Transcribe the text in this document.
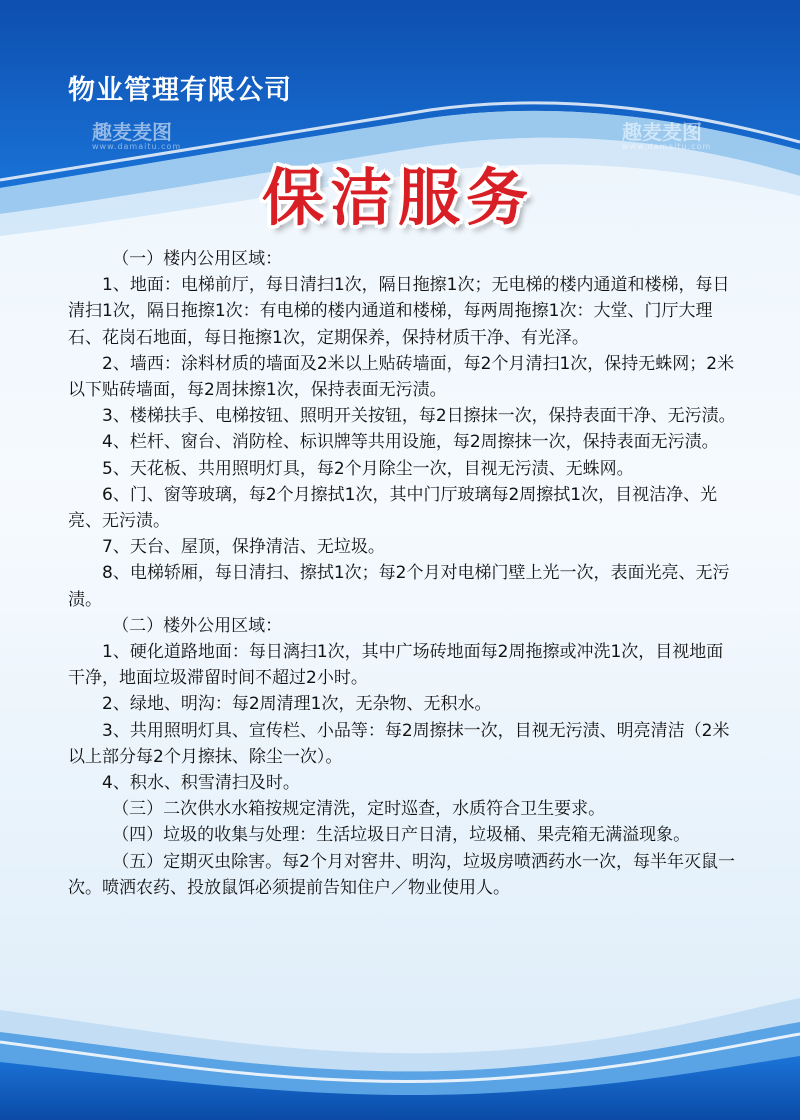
物业管理有限公司
趣麦麦图
www.damaitu.com
趣麦麦图
www.damaitu.com
保洁服务

（一）楼内公用区域：

1、地面：电梯前厅，每日清扫1次，隔日拖擦1次；无电梯的楼内通道和楼梯，每日清扫1次，隔日拖擦1次：有电梯的楼内通道和楼梯，每两周拖擦1次：大堂、门厅大理石、花岗石地面，每日拖擦1次，定期保养，保持材质干净、有光泽。

2、墙西：涂料材质的墙面及2米以上贴砖墙面，每2个月清扫1次，保持无蛛网；2米以下贴砖墙面，每2周抹擦1次，保持表面无污渍。

3、楼梯扶手、电梯按钮、照明开关按钮，每2日擦抹一次，保持表面干净、无污渍。

4、栏杆、窗台、消防栓、标识牌等共用设施，每2周擦抹一次，保持表面无污渍。

5、天花板、共用照明灯具，每2个月除尘一次，目视无污渍、无蛛网。

6、门、窗等玻璃，每2个月擦拭1次，其中门厅玻璃每2周擦拭1次，目视洁净、光亮、无污渍。

7、天台、屋顶，保挣清洁、无垃圾。

8、电梯轿厢，每日清扫、擦拭1次；每2个月对电梯门壁上光一次，表面光亮、无污渍。

（二）楼外公用区域：

1、硬化道路地面：每日漓扫1次，其中广场砖地面每2周拖擦或冲洗1次，目视地面干净，地面垃圾滞留时间不超过2小时。

2、绿地、明沟：每2周清理1次，无杂物、无积水。

3、共用照明灯具、宣传栏、小品等：每2周擦抹一次，目视无污渍、明亮清洁（2米以上部分每2个月擦抹、除尘一次）。

4、积水、积雪清扫及时。

（三）二次供水水箱按规定清洗，定时巡查，水质符合卫生要求。

（四）垃圾的收集与处理：生活垃圾日产日清，垃圾桶、果壳箱无满溢现象。

（五）定期灭虫除害。每2个月对窖井、明沟，垃圾房喷洒药水一次，每半年灭鼠一次。喷洒农药、投放鼠饵必须提前告知住户／物业使用人。
